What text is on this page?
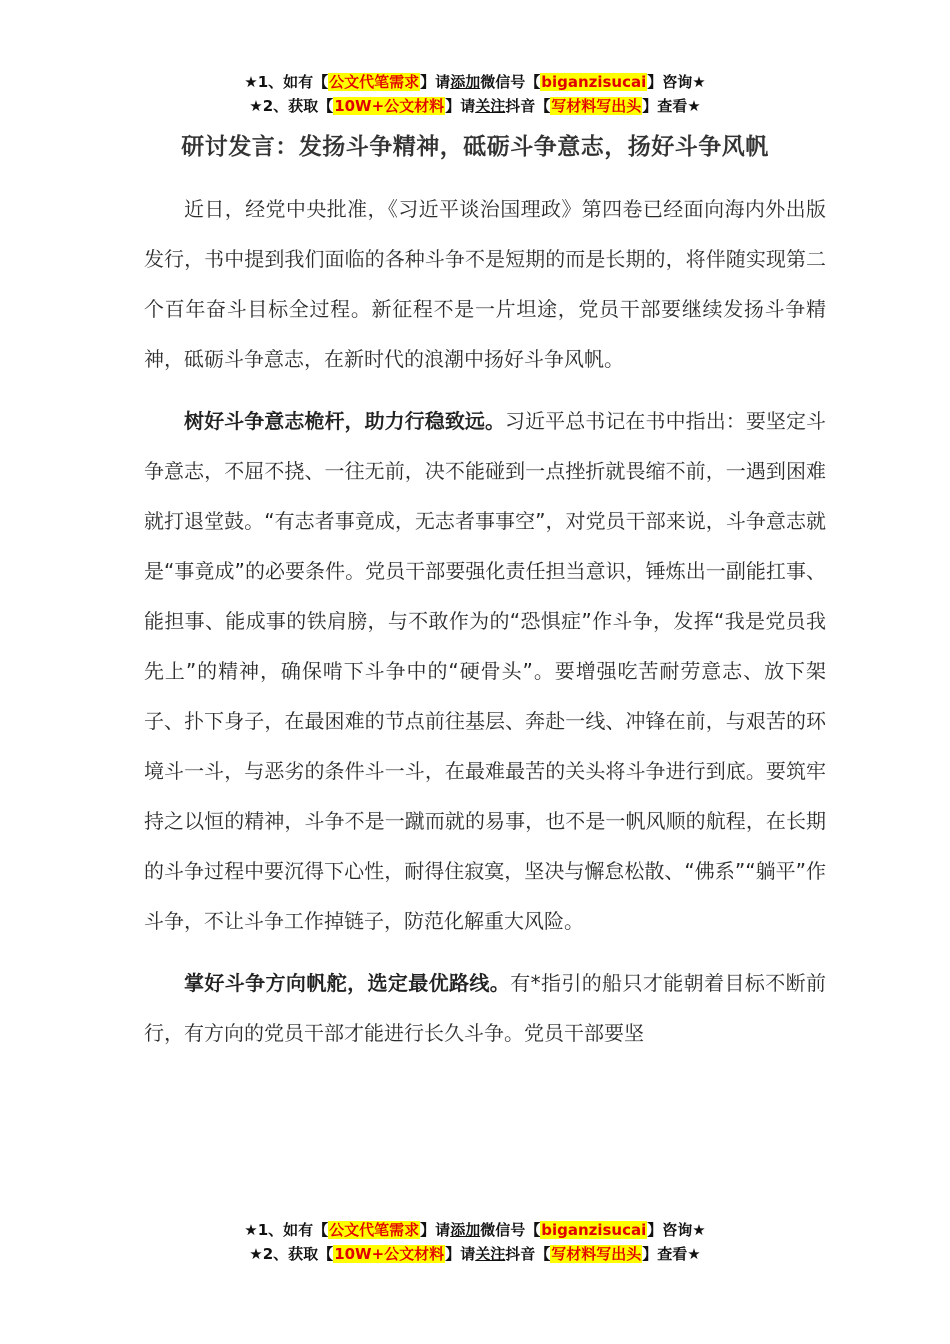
★1、如有【公文代笔需求】请添加微信号【biganzisucai】咨询★
★2、获取【10W+公文材料】请关注抖音【写材料写出头】查看★
研讨发言：发扬斗争精神，砥砺斗争意志，扬好斗争风帆

近日，经党中央批准，《习近平谈治国理政》第四卷已经面向海内外出版发行，书中提到我们面临的各种斗争不是短期的而是长期的，将伴随实现第二个百年奋斗目标全过程。新征程不是一片坦途，党员干部要继续发扬斗争精神，砥砺斗争意志，在新时代的浪潮中扬好斗争风帆。

树好斗争意志桅杆，助力行稳致远。习近平总书记在书中指出：要坚定斗争意志，不屈不挠、一往无前，决不能碰到一点挫折就畏缩不前，一遇到困难就打退堂鼓。“有志者事竟成，无志者事事空”，对党员干部来说，斗争意志就是“事竟成”的必要条件。党员干部要强化责任担当意识，锤炼出一副能扛事、能担事、能成事的铁肩膀，与不敢作为的“恐惧症”作斗争，发挥“我是党员我先上”的精神，确保啃下斗争中的“硬骨头”。要增强吃苦耐劳意志、放下架子、扑下身子，在最困难的节点前往基层、奔赴一线、冲锋在前，与艰苦的环境斗一斗，与恶劣的条件斗一斗，在最难最苦的关头将斗争进行到底。要筑牢持之以恒的精神，斗争不是一蹴而就的易事，也不是一帆风顺的航程，在长期的斗争过程中要沉得下心性，耐得住寂寞，坚决与懈怠松散、“佛系”“躺平”作斗争，不让斗争工作掉链子，防范化解重大风险。

掌好斗争方向帆舵，选定最优路线。有*指引的船只才能朝着目标不断前行，有方向的党员干部才能进行长久斗争。党员干部要坚

★1、如有【公文代笔需求】请添加微信号【biganzisucai】咨询★
★2、获取【10W+公文材料】请关注抖音【写材料写出头】查看★
